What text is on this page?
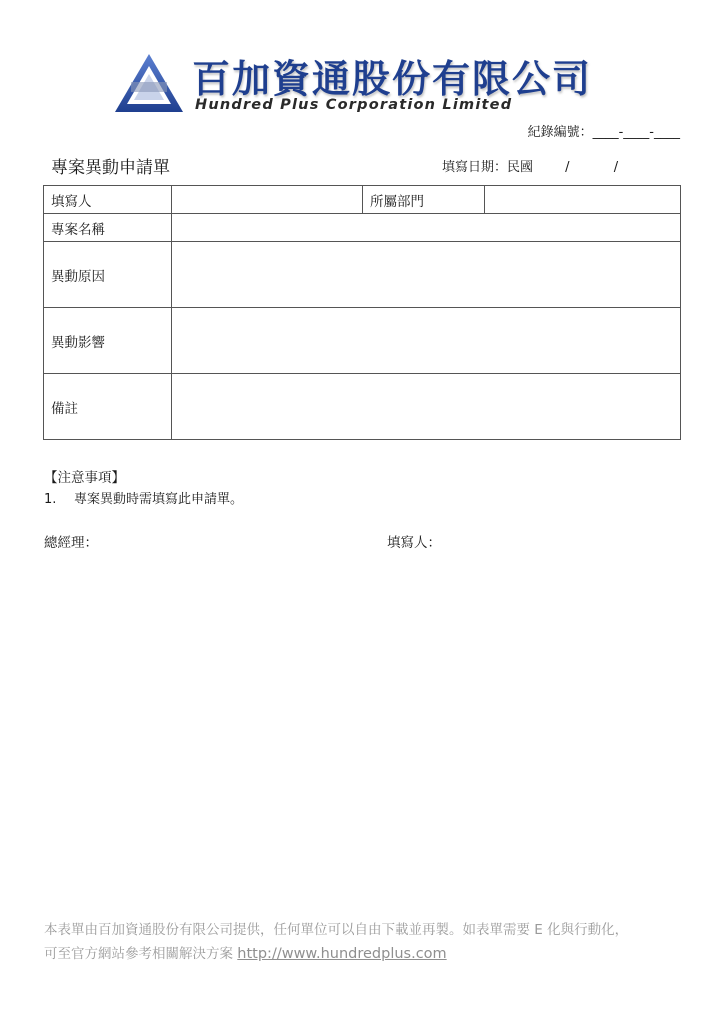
百加資通股份有限公司
Hundred Plus Corporation Limited
紀錄編號：____-____-____
專案異動申請單	填寫日期：民國 /	/
填寫人		所屬部門	
專案名稱			
異動原因			
異動影響			
備註			
【注意事項】
1. 專案異動時需填寫此申請單。
總經理：	填寫人：
本表單由百加資通股份有限公司提供，任何單位可以自由下載並再製。如表單需要 E 化與行動化，
可至官方網站參考相關解決方案 http://www.hundredplus.com
